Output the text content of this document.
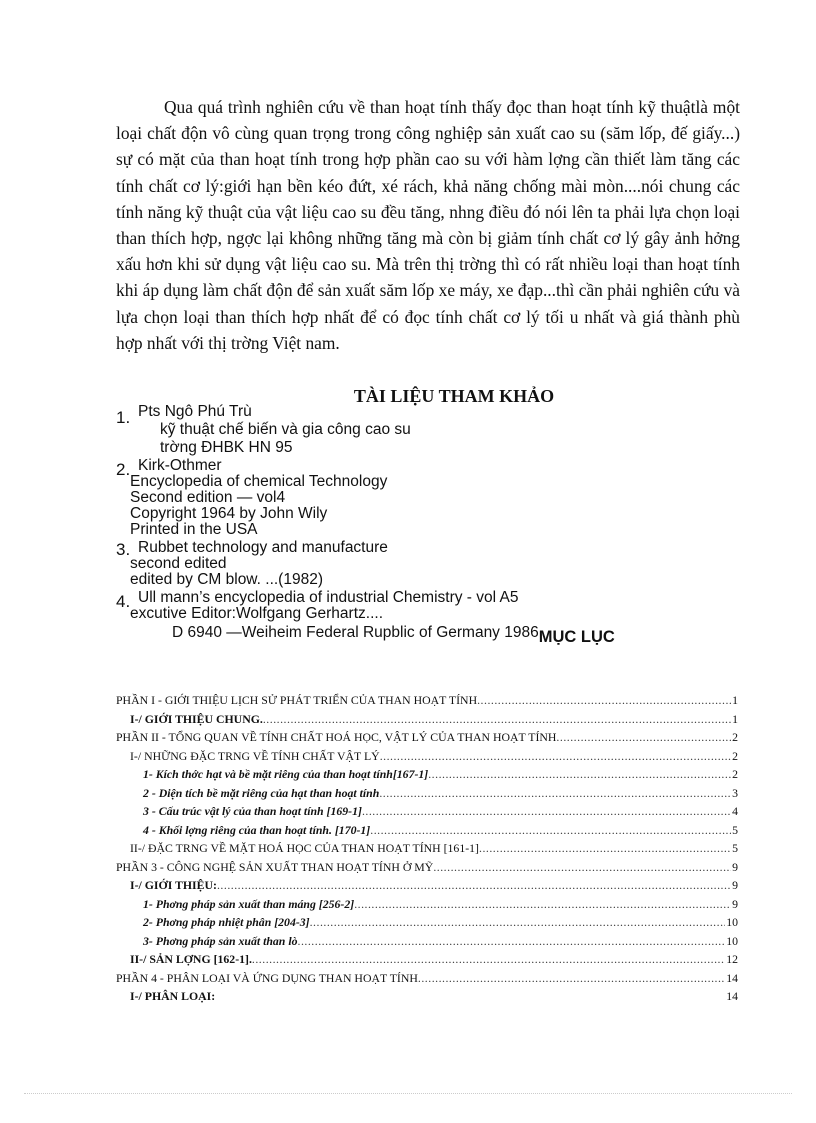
Qua quá trình nghiên cứu về than hoạt tính thấy đọc than hoạt tính kỹ thuậtlà một loại chất độn vô cùng quan trọng trong công nghiệp sản xuất cao su (săm lốp, đế giấy...) sự có mặt của than hoạt tính trong hợp phần cao su với hàm lợng cần thiết làm tăng các tính chất cơ lý:giới hạn bền kéo đứt, xé rách, khả năng chống mài mòn....nói chung các tính năng kỹ thuật của vật liệu cao su đều tăng, nhng điều đó nói lên ta phải lựa chọn loại than thích hợp, ngợc lại không những tăng mà còn bị giảm tính chất cơ lý gây ảnh hởng xấu hơn khi sử dụng vật liệu cao su. Mà trên thị trờng thì có rất nhiều loại than hoạt tính khi áp dụng làm chất độn để sản xuất săm lốp xe máy, xe đạp...thì cần phải nghiên cứu và lựa chọn loại than thích hợp nhất để có đọc tính chất cơ lý tối u nhất và giá thành phù hợp nhất với thị trờng Việt nam.

TÀI LIỆU THAM KHẢO
1. Pts Ngô Phú Trù
kỹ thuật chế biến và gia công cao su
trờng ĐHBK HN 95
2. Kirk-Othmer
Encyclopedia of chemical Technology
Second edition — vol4
Copyright 1964 by John Wily
Printed in the USA
3. Rubbet technology and manufacture
second edited
edited by CM blow. ...(1982)
4. Ull mann’s encyclopedia of industrial Chemistry - vol A5
excutive Editor:Wolfgang Gerhartz....
D 6940 —Weiheim Federal Rupblic of Germany 1986MỤC LỤC
PHẦN I - GIỚI THIỆU LỊCH SỬ PHÁT TRIỂN CỦA THAN HOẠT TÍNH .....	1
I-/ GIỚI THIỆU CHUNG. .....	1
PHẦN II - TỔNG QUAN VỀ TÍNH CHẤT HOÁ HỌC, VẬT LÝ CỦA THAN HOẠT TÍNH .....	2
I-/ NHỮNG ĐẶC TRNG VỀ TÍNH CHẤT VẬT LÝ .....	2
1- Kích thớc hạt và bề mặt riêng của than hoạt tính[167-1] .....	2
2 - Diện tích bề mặt riêng của hạt than hoạt tính .....	3
3 - Cấu trúc vật lý của than hoạt tính [169-1] .....	4
4 - Khối lợng riêng của than hoạt tính. [170-1] .....	5
II-/ ĐẶC TRNG VỀ MẶT HOÁ HỌC CỦA THAN HOẠT TÍNH [161-1] .....	5
PHẦN 3 - CÔNG NGHỆ SẢN XUẤT THAN HOẠT TÍNH Ở MỸ .....	9
I-/ GIỚI THIỆU: .....	9
1- Phơng pháp sản xuất than máng [256-2] .....	9
2- Phơng pháp nhiệt phân [204-3] .....	10
3- Phơng pháp sản xuất than lò .....	10
II-/ SẢN LỢNG [162-1]. .....	12
PHẦN 4 - PHÂN LOẠI VÀ ỨNG DỤNG THAN HOẠT TÍNH .....	14
I-/ PHÂN LOẠI:	14
